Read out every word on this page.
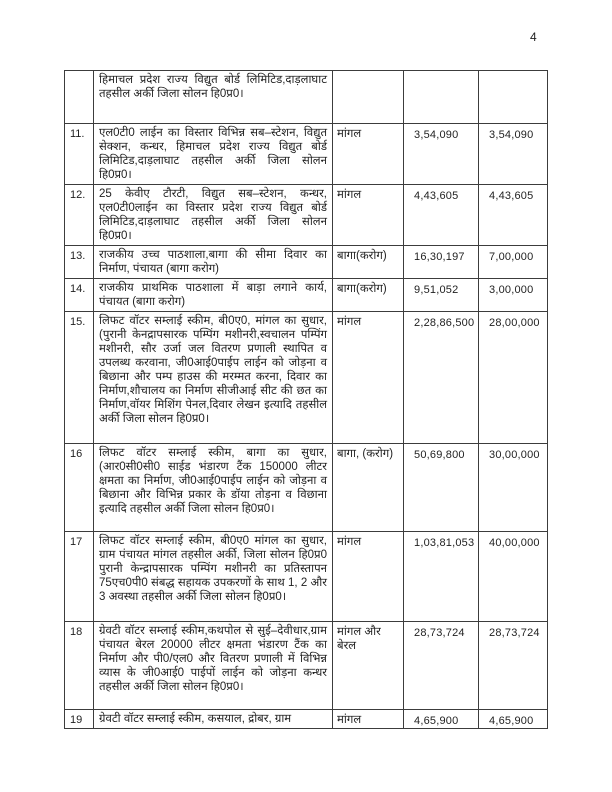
4
	हिमाचल प्रदेश राज्य विद्युत बोर्ड लिमिटिड,दाड़लाघाट तहसील अर्की जिला सोलन हि0प्र0।			
11.	एल0टी0 लाईन का विस्तार विभिन्न सब–स्टेशन, विद्युत सेक्शन, कन्धर, हिमाचल प्रदेश राज्य विद्युत बोर्ड लिमिटिड,दाड़लाघाट तहसील अर्की जिला सोलन हि0प्र0।	मांगल	3,54,090	3,54,090
12.	25 केवीए टौरटी, विद्युत सब–स्टेशन, कन्धर, एल0टी0लाईन का विस्तार प्रदेश राज्य विद्युत बोर्ड लिमिटिड,दाड़लाघाट तहसील अर्की जिला सोलन हि0प्र0।	मांगल	4,43,605	4,43,605
13.	राजकीय उच्च पाठशाला,बागा की सीमा दिवार का निर्माण, पंचायत (बागा करोग)	बागा(करोग)	16,30,197	7,00,000
14.	राजकीय प्राथमिक पाठशाला में बाड़ा लगाने कार्य, पंचायत (बागा करोग)	बागा(करोग)	9,51,052	3,00,000
15.	लिफट वॉटर सम्लाई स्कीम, बी0ए0, मांगल का सुधार, (पुरानी केनद्रापसारक पम्पिंग मशीनरी,स्वचालन पम्पिंग मशीनरी, सौर उर्जा जल वितरण प्रणाली स्थापित व उपलब्ध करवाना, जी0आई0पाईप लाईन को जोड़ना व बिछाना और पम्प हाउस की मरम्मत करना, दिवार का निर्माण,शौचालय का निर्माण सीजीआई सीट की छत का निर्माण,वॉयर मिशिंग पेनल,दिवार लेखन इत्यादि तहसील अर्की जिला सोलन हि0प्र0।	मांगल	2,28,86,500	28,00,000
16	लिफट वॉटर सम्लाई स्कीम, बागा का सुधार, (आर0सी0सी0 साईड भंडारण टैंक 150000 लीटर क्षमता का निर्माण, जी0आई0पाईप लाईन को जोड़ना व बिछाना और विभिन्न प्रकार के डॉया तोड़ना व विछाना इत्यादि तहसील अर्की जिला सोलन हि0प्र0।	बागा, (करोग)	50,69,800	30,00,000
17	लिफट वॉटर सम्लाई स्कीम, बी0ए0 मांगल का सुधार, ग्राम पंचायत मांगल तहसील अर्की, जिला सोलन हि0प्र0 पुरानी केन्द्रापसारक पम्पिंग मशीनरी का प्रतिस्तापन 75एच0पी0 संबद्ध सहायक उपकरणों के साथ 1, 2 और 3 अवस्था तहसील अर्की जिला सोलन हि0प्र0।	मांगल	1,03,81,053	40,00,000
18	ग्रेवटी वॉटर सम्लाई स्कीम,कथपोल से सुई–देवीधार,ग्राम पंचायत बेरल 20000 लीटर क्षमता भंडारण टैंक का निर्माण और पी0/एल0 और वितरण प्रणाली में विभिन्न व्यास के जी0आई0 पाईपों लाईन को जोड़ना कन्धर तहसील अर्की जिला सोलन हि0प्र0।	मांगल और बेरल	28,73,724	28,73,724
19	ग्रेवटी वॉटर सम्लाई स्कीम, कसयाल, द्रोबर, ग्राम	मांगल	4,65,900	4,65,900
